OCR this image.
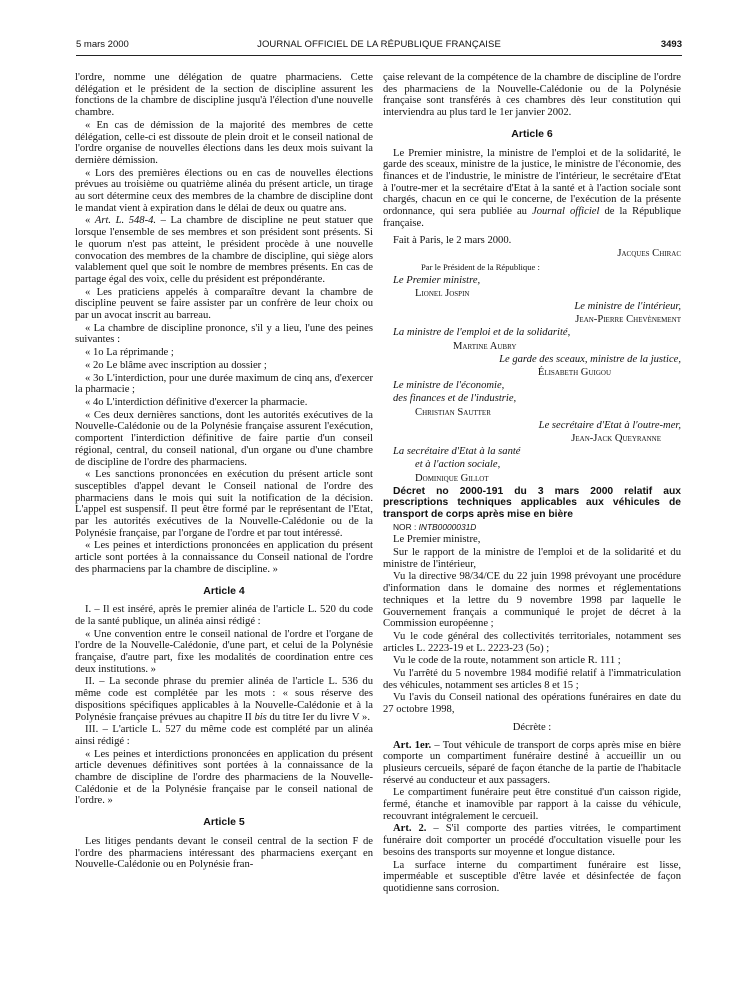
5 mars 2000	JOURNAL OFFICIEL DE LA RÉPUBLIQUE FRANÇAISE	3493

l'ordre, nomme une délégation de quatre pharmaciens. Cette délégation et le président de la section de discipline assurent les fonctions de la chambre de discipline jusqu'à l'élection d'une nouvelle chambre.

« En cas de démission de la majorité des membres de cette délégation, celle-ci est dissoute de plein droit et le conseil national de l'ordre organise de nouvelles élections dans les deux mois suivant la dernière démission.

« Lors des premières élections ou en cas de nouvelles élections prévues au troisième ou quatrième alinéa du présent article, un tirage au sort détermine ceux des membres de la chambre de discipline dont le mandat vient à expiration dans le délai de deux ou quatre ans.

« Art. L. 548-4. – La chambre de discipline ne peut statuer que lorsque l'ensemble de ses membres et son président sont présents. Si le quorum n'est pas atteint, le président procède à une nouvelle convocation des membres de la chambre de discipline, qui siège alors valablement quel que soit le nombre de membres présents. En cas de partage égal des voix, celle du président est prépondérante.

« Les praticiens appelés à comparaître devant la chambre de discipline peuvent se faire assister par un confrère de leur choix ou par un avocat inscrit au barreau.

« La chambre de discipline prononce, s'il y a lieu, l'une des peines suivantes :

« 1o La réprimande ;

« 2o Le blâme avec inscription au dossier ;

« 3o L'interdiction, pour une durée maximum de cinq ans, d'exercer la pharmacie ;

« 4o L'interdiction définitive d'exercer la pharmacie.

« Ces deux dernières sanctions, dont les autorités exécutives de la Nouvelle-Calédonie ou de la Polynésie française assurent l'exécution, comportent l'interdiction définitive de faire partie d'un conseil régional, central, du conseil national, d'un organe ou d'une chambre de discipline de l'ordre des pharmaciens.

« Les sanctions prononcées en exécution du présent article sont susceptibles d'appel devant le Conseil national de l'ordre des pharmaciens dans le mois qui suit la notification de la décision. L'appel est suspensif. Il peut être formé par le représentant de l'Etat, par les autorités exécutives de la Nouvelle-Calédonie ou de la Polynésie française, par l'organe de l'ordre et par tout intéressé.

« Les peines et interdictions prononcées en application du présent article sont portées à la connaissance du Conseil national de l'ordre des pharmaciens par la chambre de discipline. »

Article 4

I. – Il est inséré, après le premier alinéa de l'article L. 520 du code de la santé publique, un alinéa ainsi rédigé :

« Une convention entre le conseil national de l'ordre et l'organe de l'ordre de la Nouvelle-Calédonie, d'une part, et celui de la Polynésie française, d'autre part, fixe les modalités de coordination entre ces deux institutions. »

II. – La seconde phrase du premier alinéa de l'article L. 536 du même code est complétée par les mots : « sous réserve des dispositions spécifiques applicables à la Nouvelle-Calédonie et à la Polynésie française prévues au chapitre II bis du titre Ier du livre V ».

III. – L'article L. 527 du même code est complété par un alinéa ainsi rédigé :

« Les peines et interdictions prononcées en application du présent article devenues définitives sont portées à la connaissance de la chambre de discipline de l'ordre des pharmaciens de la Nouvelle-Calédonie et de la Polynésie française par le conseil national de l'ordre. »

Article 5

Les litiges pendants devant le conseil central de la section F de l'ordre des pharmaciens intéressant des pharmaciens exerçant en Nouvelle-Calédonie ou en Polynésie fran-

çaise relevant de la compétence de la chambre de discipline de l'ordre des pharmaciens de la Nouvelle-Calédonie ou de la Polynésie française sont transférés à ces chambres dès leur constitution qui interviendra au plus tard le 1er janvier 2002.

Article 6

Le Premier ministre, la ministre de l'emploi et de la solidarité, le garde des sceaux, ministre de la justice, le ministre de l'économie, des finances et de l'industrie, le ministre de l'intérieur, le secrétaire d'Etat à l'outre-mer et la secrétaire d'Etat à la santé et à l'action sociale sont chargés, chacun en ce qui le concerne, de l'exécution de la présente ordonnance, qui sera publiée au Journal officiel de la République française.

Fait à Paris, le 2 mars 2000.

Jacques Chirac

Par le Président de la République :

Le Premier ministre,

Lionel Jospin

Le ministre de l'intérieur,

Jean-Pierre Chevènement

La ministre de l'emploi et de la solidarité,

Martine Aubry

Le garde des sceaux, ministre de la justice,

Élisabeth Guigou

Le ministre de l'économie,

des finances et de l'industrie,

Christian Sautter

Le secrétaire d'Etat à l'outre-mer,

Jean-Jack Queyranne

La secrétaire d'Etat à la santé

et à l'action sociale,

Dominique Gillot

Décret no 2000-191 du 3 mars 2000 relatif aux prescriptions techniques applicables aux véhicules de transport de corps après mise en bière

NOR : INTB0000031D

Le Premier ministre,

Sur le rapport de la ministre de l'emploi et de la solidarité et du ministre de l'intérieur,

Vu la directive 98/34/CE du 22 juin 1998 prévoyant une procédure d'information dans le domaine des normes et réglementations techniques et la lettre du 9 novembre 1998 par laquelle le Gouvernement français a communiqué le projet de décret à la Commission européenne ;

Vu le code général des collectivités territoriales, notamment ses articles L. 2223-19 et L. 2223-23 (5o) ;

Vu le code de la route, notamment son article R. 111 ;

Vu l'arrêté du 5 novembre 1984 modifié relatif à l'immatriculation des véhicules, notamment ses articles 8 et 15 ;

Vu l'avis du Conseil national des opérations funéraires en date du 27 octobre 1998,

Décrète :

Art. 1er. – Tout véhicule de transport de corps après mise en bière comporte un compartiment funéraire destiné à accueillir un ou plusieurs cercueils, séparé de façon étanche de la partie de l'habitacle réservé au conducteur et aux passagers.

Le compartiment funéraire peut être constitué d'un caisson rigide, fermé, étanche et inamovible par rapport à la caisse du véhicule, recouvrant intégralement le cercueil.

Art. 2. – S'il comporte des parties vitrées, le compartiment funéraire doit comporter un procédé d'occultation visuelle pour les besoins des transports sur moyenne et longue distance.

La surface interne du compartiment funéraire est lisse, imperméable et susceptible d'être lavée et désinfectée de façon quotidienne sans corrosion.
